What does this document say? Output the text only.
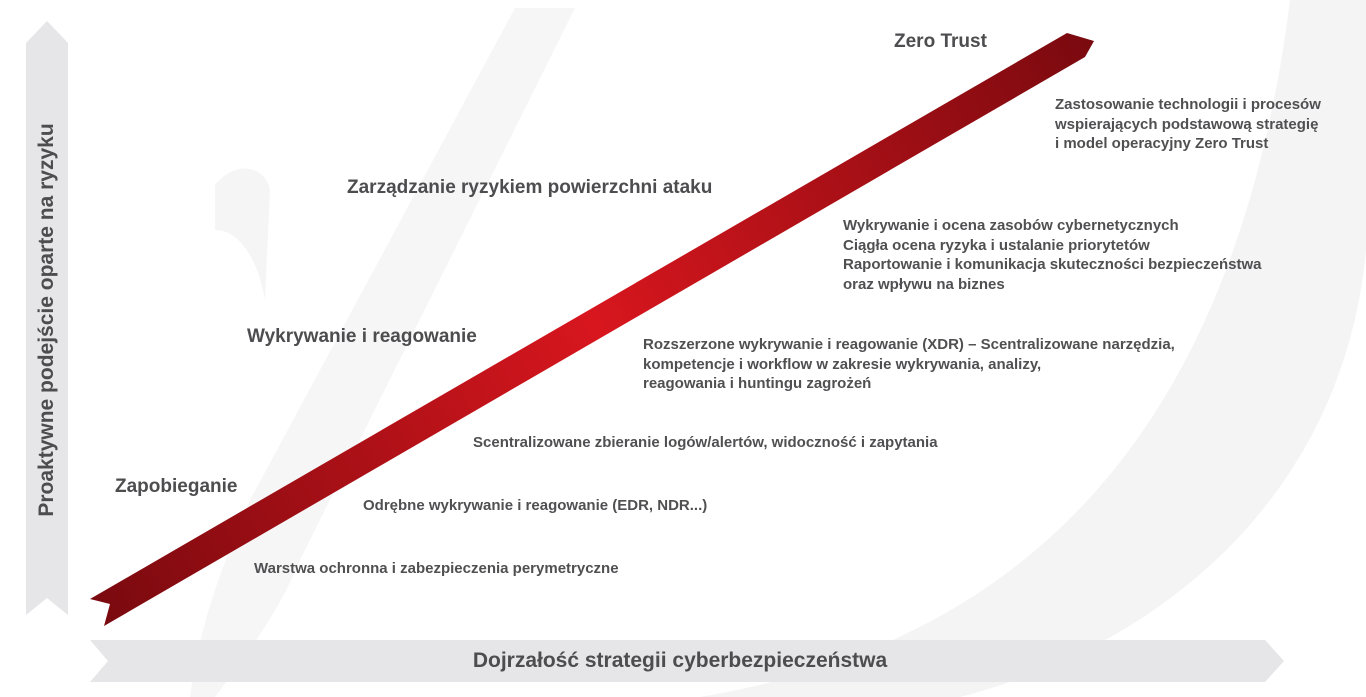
Proaktywne podejście oparte na ryzyku
Dojrzałość strategii cyberbezpieczeństwa

Zapobieganie

Wykrywanie i reagowanie

Zarządzanie ryzykiem powierzchni ataku

Zero Trust

Warstwa ochronna i zabezpieczenia perymetryczne
Odrębne wykrywanie i reagowanie (EDR, NDR...)
Scentralizowane zbieranie logów/alertów, widoczność i zapytania
Rozszerzone wykrywanie i reagowanie (XDR) – Scentralizowane narzędzia,
kompetencje i workflow w zakresie wykrywania, analizy,
reagowania i huntingu zagrożeń
Wykrywanie i ocena zasobów cybernetycznych
Ciągła ocena ryzyka i ustalanie priorytetów
Raportowanie i komunikacja skuteczności bezpieczeństwa
oraz wpływu na biznes
Zastosowanie technologii i procesów
wspierających podstawową strategię
i model operacyjny Zero Trust
